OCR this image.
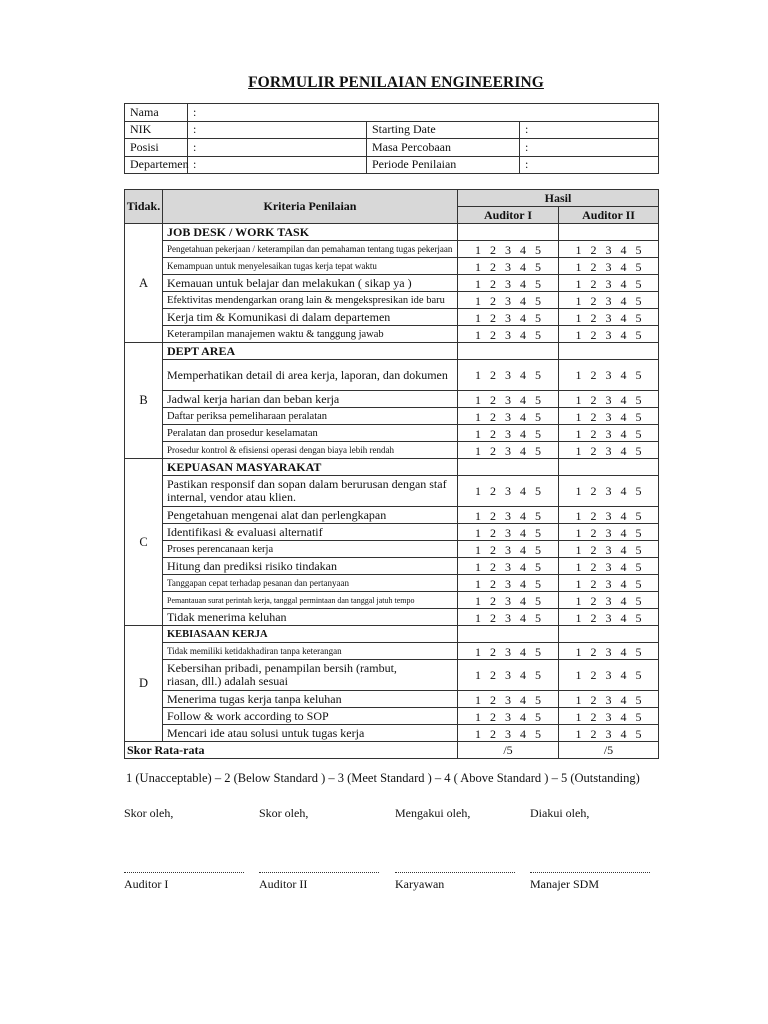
FORMULIR PENILAIAN ENGINEERING
Nama	:		
NIK	:	Starting Date	:
Posisi	:	Masa Percobaan	:
Departemen	:	Periode Penilaian	:
Tidak.	Kriteria Penilaian	Hasil	
		Auditor I	Auditor II
A	JOB DESK / WORK TASK		
	Pengetahuan pekerjaan / keterampilan dan pemahaman tentang tugas pekerjaan	1 2 3 4 5	1 2 3 4 5
	Kemampuan untuk menyelesaikan tugas kerja tepat waktu	1 2 3 4 5	1 2 3 4 5
	Kemauan untuk belajar dan melakukan ( sikap ya )	1 2 3 4 5	1 2 3 4 5
	Efektivitas mendengarkan orang lain & mengekspresikan ide baru	1 2 3 4 5	1 2 3 4 5
	Kerja tim & Komunikasi di dalam departemen	1 2 3 4 5	1 2 3 4 5
	Keterampilan manajemen waktu & tanggung jawab	1 2 3 4 5	1 2 3 4 5
B	DEPT AREA		
	Memperhatikan detail di area kerja, laporan, dan dokumen	1 2 3 4 5	1 2 3 4 5
	Jadwal kerja harian dan beban kerja	1 2 3 4 5	1 2 3 4 5
	Daftar periksa pemeliharaan peralatan	1 2 3 4 5	1 2 3 4 5
	Peralatan dan prosedur keselamatan	1 2 3 4 5	1 2 3 4 5
	Prosedur kontrol & efisiensi operasi dengan biaya lebih rendah	1 2 3 4 5	1 2 3 4 5
C	KEPUASAN MASYARAKAT		
	Pastikan responsif dan sopan dalam berurusan dengan staf internal, vendor atau klien.	1 2 3 4 5	1 2 3 4 5
	Pengetahuan mengenai alat dan perlengkapan	1 2 3 4 5	1 2 3 4 5
	Identifikasi & evaluasi alternatif	1 2 3 4 5	1 2 3 4 5
	Proses perencanaan kerja	1 2 3 4 5	1 2 3 4 5
	Hitung dan prediksi risiko tindakan	1 2 3 4 5	1 2 3 4 5
	Tanggapan cepat terhadap pesanan dan pertanyaan	1 2 3 4 5	1 2 3 4 5
	Pemantauan surat perintah kerja, tanggal permintaan dan tanggal jatuh tempo	1 2 3 4 5	1 2 3 4 5
	Tidak menerima keluhan	1 2 3 4 5	1 2 3 4 5
D	KEBIASAAN KERJA		
	Tidak memiliki ketidakhadiran tanpa keterangan	1 2 3 4 5	1 2 3 4 5
	Kebersihan pribadi, penampilan bersih (rambut, riasan, dll.) adalah sesuai	1 2 3 4 5	1 2 3 4 5
	Menerima tugas kerja tanpa keluhan	1 2 3 4 5	1 2 3 4 5
	Follow & work according to SOP	1 2 3 4 5	1 2 3 4 5
	Mencari ide atau solusi untuk tugas kerja	1 2 3 4 5	1 2 3 4 5
Skor Rata-rata		/5	/5
1 (Unacceptable) – 2 (Below Standard ) – 3 (Meet Standard ) – 4 ( Above Standard ) – 5 (Outstanding)
Skor oleh,	Skor oleh,	Mengakui oleh,	Diakui oleh,
Auditor I	Auditor II	Karyawan	Manajer SDM
